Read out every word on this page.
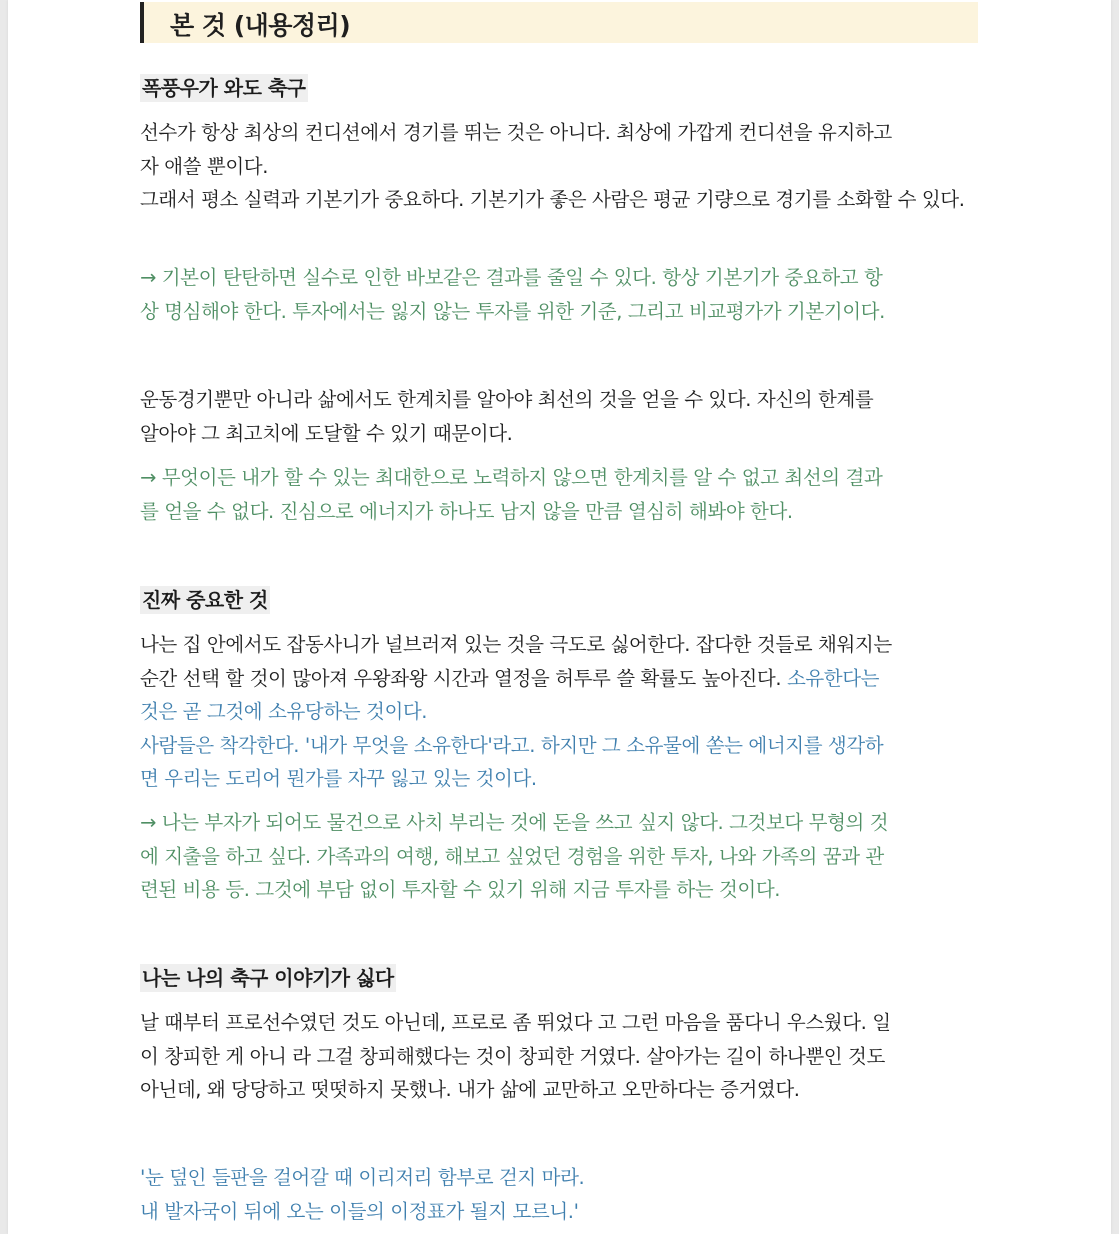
본 것 (내용정리)
폭풍우가 와도 축구
선수가 항상 최상의 컨디션에서 경기를 뛰는 것은 아니다. 최상에 가깝게 컨디션을 유지하고 자 애쓸 뿐이다. 그래서 평소 실력과 기본기가 중요하다. 기본기가 좋은 사람은 평균 기량으로 경기를 소화할 수 있다.
→ 기본이 탄탄하면 실수로 인한 바보같은 결과를 줄일 수 있다. 항상 기본기가 중요하고 항 상 명심해야 한다. 투자에서는 잃지 않는 투자를 위한 기준, 그리고 비교평가가 기본기이다.
운동경기뿐만 아니라 삶에서도 한계치를 알아야 최선의 것을 얻을 수 있다. 자신의 한계를 알아야 그 최고치에 도달할 수 있기 때문이다.
→ 무엇이든 내가 할 수 있는 최대한으로 노력하지 않으면 한계치를 알 수 없고 최선의 결과 를 얻을 수 없다. 진심으로 에너지가 하나도 남지 않을 만큼 열심히 해봐야 한다.
진짜 중요한 것
나는 집 안에서도 잡동사니가 널브러져 있는 것을 극도로 싫어한다. 잡다한 것들로 채워지는 순간 선택 할 것이 많아져 우왕좌왕 시간과 열정을 허투루 쓸 확률도 높아진다. 소유한다는 것은 곧 그것에 소유당하는 것이다. 사람들은 착각한다. '내가 무엇을 소유한다'라고. 하지만 그 소유물에 쏟는 에너지를 생각하 면 우리는 도리어 뭔가를 자꾸 잃고 있는 것이다.
→ 나는 부자가 되어도 물건으로 사치 부리는 것에 돈을 쓰고 싶지 않다. 그것보다 무형의 것 에 지출을 하고 싶다. 가족과의 여행, 해보고 싶었던 경험을 위한 투자, 나와 가족의 꿈과 관 련된 비용 등. 그것에 부담 없이 투자할 수 있기 위해 지금 투자를 하는 것이다.
나는 나의 축구 이야기가 싫다
날 때부터 프로선수였던 것도 아닌데, 프로로 좀 뛰었다 고 그런 마음을 품다니 우스웠다. 일 이 창피한 게 아니 라 그걸 창피해했다는 것이 창피한 거였다. 살아가는 길이 하나뿐인 것도 아닌데, 왜 당당하고 떳떳하지 못했나. 내가 삶에 교만하고 오만하다는 증거였다.
'눈 덮인 들판을 걸어갈 때 이리저리 함부로 걷지 마라. 내 발자국이 뒤에 오는 이들의 이정표가 될지 모르니.'
